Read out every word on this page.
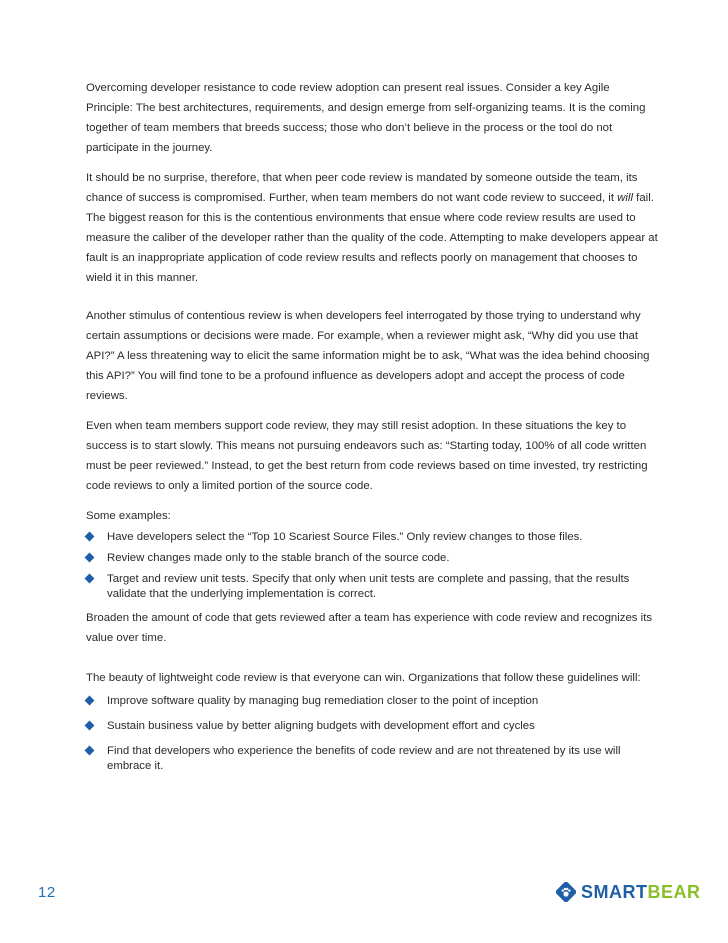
Overcoming developer resistance to code review adoption can present real issues. Consider a key Agile Principle: The best architectures, requirements, and design emerge from self-organizing teams. It is the coming together of team members that breeds success; those who don’t believe in the process or the tool do not participate in the journey.

It should be no surprise, therefore, that when peer code review is mandated by someone outside the team, its chance of success is compromised. Further, when team members do not want code review to succeed, it will fail. The biggest reason for this is the contentious environments that ensue where code review results are used to measure the caliber of the developer rather than the quality of the code. Attempting to make developers appear at fault is an inappropriate application of code review results and reflects poorly on management that chooses to wield it in this manner.

Another stimulus of contentious review is when developers feel interrogated by those trying to understand why certain assumptions or decisions were made. For example, when a reviewer might ask, “Why did you use that API?” A less threatening way to elicit the same information might be to ask, “What was the idea behind choosing this API?” You will find tone to be a profound influence as developers adopt and accept the process of code reviews.

Even when team members support code review, they may still resist adoption. In these situations the key to success is to start slowly. This means not pursuing endeavors such as: “Starting today, 100% of all code written must be peer reviewed.” Instead, to get the best return from code reviews based on time invested, try restricting code reviews to only a limited portion of the source code.

Some examples:

Have developers select the “Top 10 Scariest Source Files.” Only review changes to those files.
Review changes made only to the stable branch of the source code.
Target and review unit tests. Specify that only when unit tests are complete and passing, that the results validate that the underlying implementation is correct.

Broaden the amount of code that gets reviewed after a team has experience with code review and recognizes its value over time.

The beauty of lightweight code review is that everyone can win. Organizations that follow these guidelines will:

Improve software quality by managing bug remediation closer to the point of inception
Sustain business value by better aligning budgets with development effort and cycles
Find that developers who experience the benefits of code review and are not threatened by its use will embrace it.
12	SMARTBEAR
